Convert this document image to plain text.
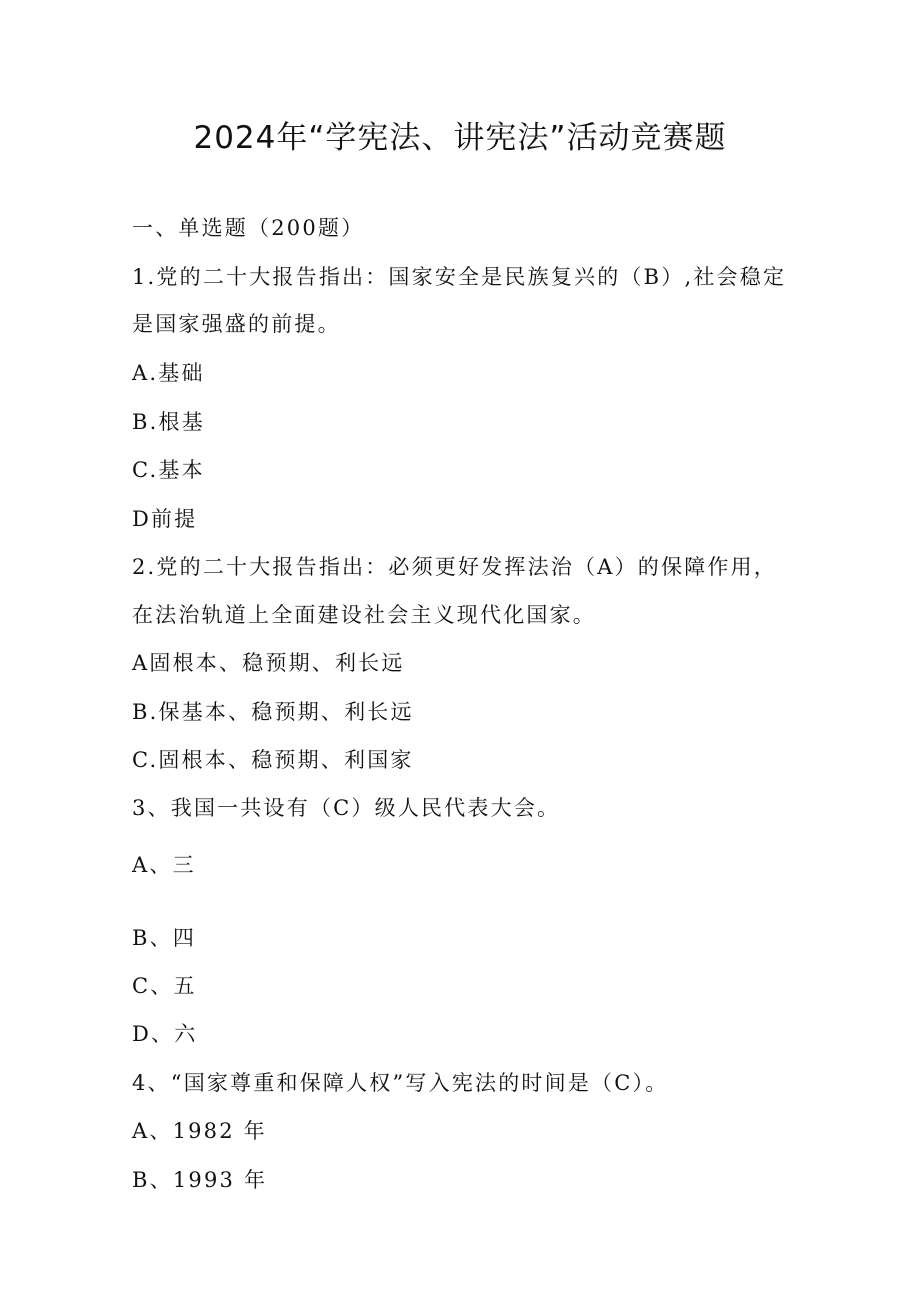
2024年“学宪法、讲宪法”活动竞赛题
一、单选题（200题）
1.党的二十大报告指出：国家安全是民族复兴的（B）,社会稳定
是国家强盛的前提。
A.基础
B.根基
C.基本
D前提
2.党的二十大报告指出：必须更好发挥法治（A）的保障作用，
在法治轨道上全面建设社会主义现代化国家。
A固根本、稳预期、利长远
B.保基本、稳预期、利长远
C.固根本、稳预期、利国家
3、我国一共设有（C）级人民代表大会。
A、三
B、四
C、五
D、六
4、“国家尊重和保障人权”写入宪法的时间是（C）。
A、1982 年
B、1993 年
